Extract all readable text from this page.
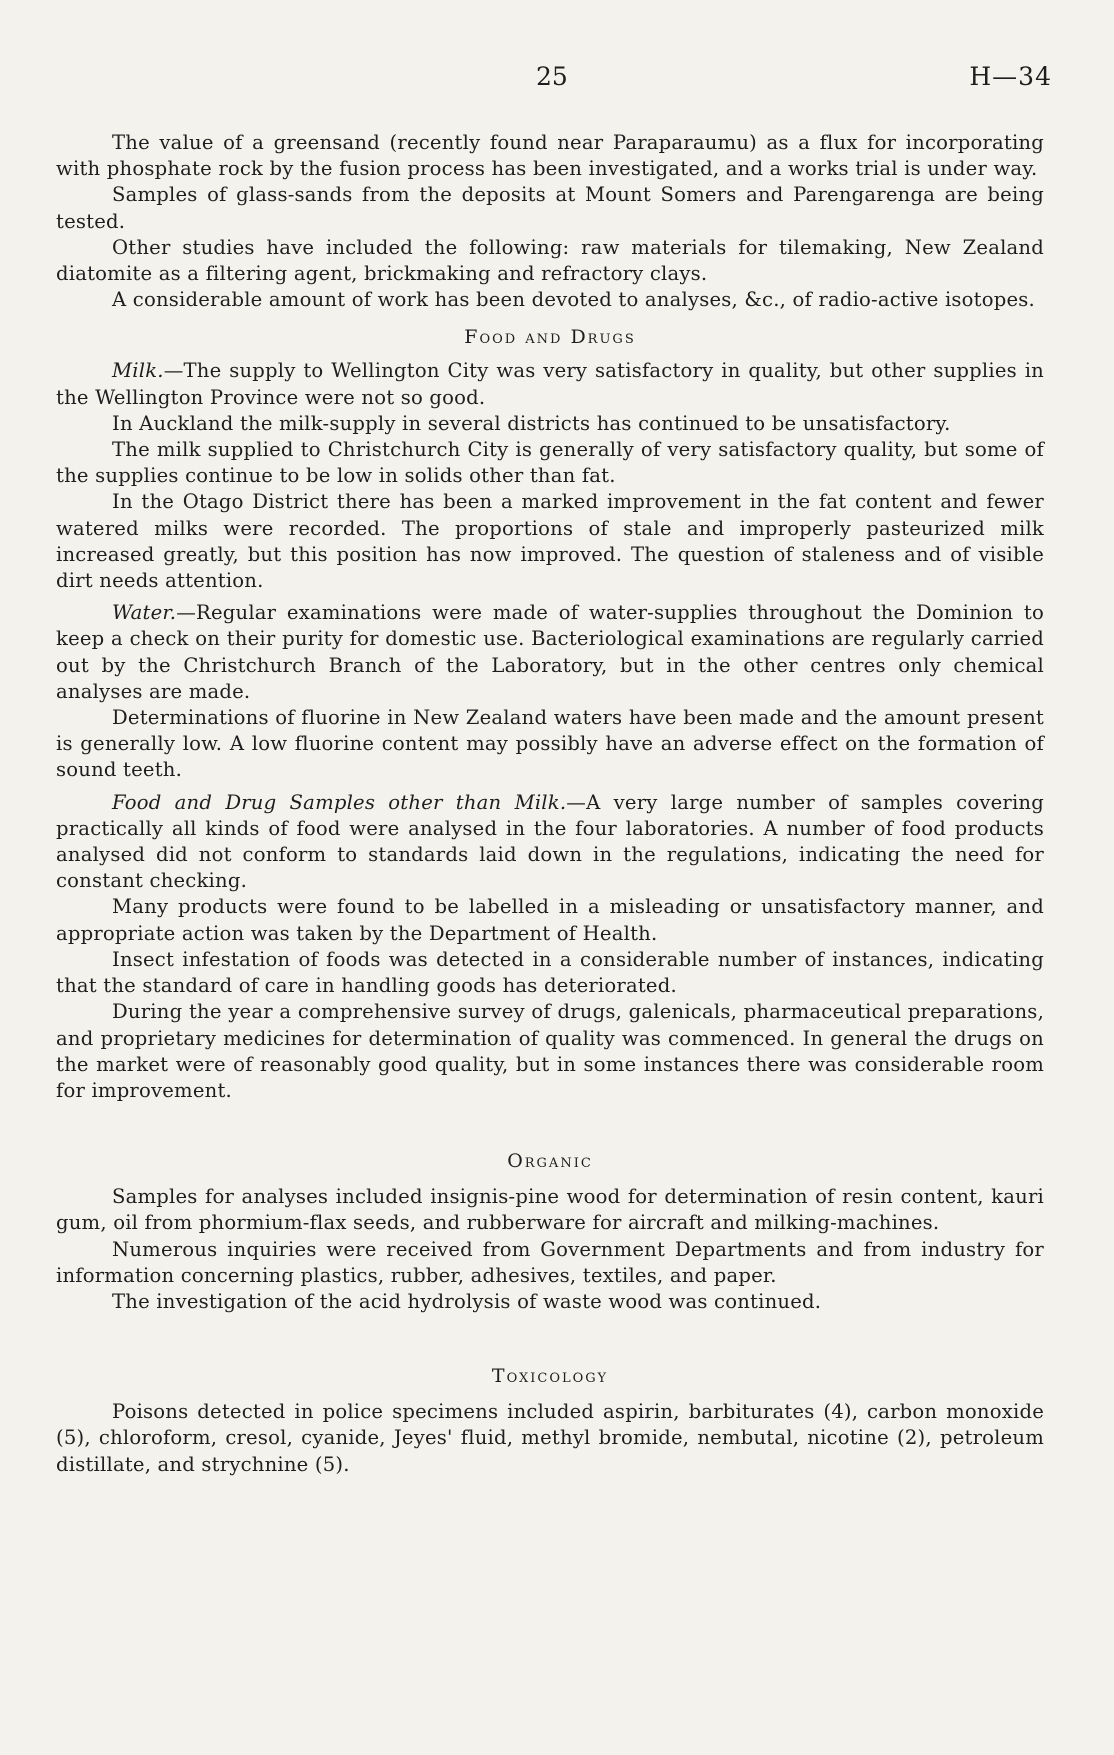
25	H—34

The value of a greensand (recently found near Paraparaumu) as a flux for incorporating with phosphate rock by the fusion process has been investigated, and a works trial is under way.

Samples of glass-sands from the deposits at Mount Somers and Parengarenga are being tested.

Other studies have included the following: raw materials for tilemaking, New Zealand diatomite as a filtering agent, brickmaking and refractory clays.

A considerable amount of work has been devoted to analyses, &c., of radio-active isotopes.

Food and Drugs

Milk.—The supply to Wellington City was very satisfactory in quality, but other supplies in the Wellington Province were not so good.

In Auckland the milk-supply in several districts has continued to be unsatisfactory.

The milk supplied to Christchurch City is generally of very satisfactory quality, but some of the supplies continue to be low in solids other than fat.

In the Otago District there has been a marked improvement in the fat content and fewer watered milks were recorded. The proportions of stale and improperly pasteurized milk increased greatly, but this position has now improved. The question of staleness and of visible dirt needs attention.

Water.—Regular examinations were made of water-supplies throughout the Dominion to keep a check on their purity for domestic use. Bacteriological examinations are regularly carried out by the Christchurch Branch of the Laboratory, but in the other centres only chemical analyses are made.

Determinations of fluorine in New Zealand waters have been made and the amount present is generally low. A low fluorine content may possibly have an adverse effect on the formation of sound teeth.

Food and Drug Samples other than Milk.—A very large number of samples covering practically all kinds of food were analysed in the four laboratories. A number of food products analysed did not conform to standards laid down in the regulations, indicating the need for constant checking.

Many products were found to be labelled in a misleading or unsatisfactory manner, and appropriate action was taken by the Department of Health.

Insect infestation of foods was detected in a considerable number of instances, indicating that the standard of care in handling goods has deteriorated.

During the year a comprehensive survey of drugs, galenicals, pharmaceutical preparations, and proprietary medicines for determination of quality was commenced. In general the drugs on the market were of reasonably good quality, but in some instances there was considerable room for improvement.

Organic

Samples for analyses included insignis-pine wood for determination of resin content, kauri gum, oil from phormium-flax seeds, and rubberware for aircraft and milking-machines.

Numerous inquiries were received from Government Departments and from industry for information concerning plastics, rubber, adhesives, textiles, and paper.

The investigation of the acid hydrolysis of waste wood was continued.

Toxicology

Poisons detected in police specimens included aspirin, barbiturates (4), carbon monoxide (5), chloroform, cresol, cyanide, Jeyes' fluid, methyl bromide, nembutal, nicotine (2), petroleum distillate, and strychnine (5).
